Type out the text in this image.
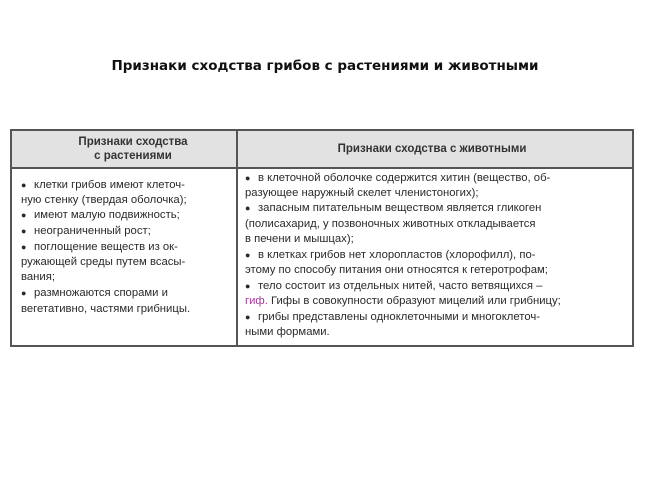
Признаки сходства грибов с растениями и животными
Признаки сходства
с растениями
● клетки грибов имеют клеточ-
ную стенку (твердая оболочка);
● имеют малую подвижность;
● неограниченный рост;
● поглощение веществ из ок-
ружающей среды путем всасы-
вания;
● размножаются спорами и
вегетативно, частями грибницы.
Признаки сходства с животными
● в клеточной оболочке содержится хитин (вещество, об-
разующее наружный скелет членистоногих);
● запасным питательным веществом является гликоген
(полисахарид, у позвоночных животных откладывается
в печени и мышцах);
● в клетках грибов нет хлоропластов (хлорофилл), по-
этому по способу питания они относятся к гетеротрофам;
● тело состоит из отдельных нитей, часто ветвящихся –
гиф. Гифы в совокупности образуют мицелий или грибницу;
● грибы представлены одноклеточными и многоклеточ-
ными формами.
